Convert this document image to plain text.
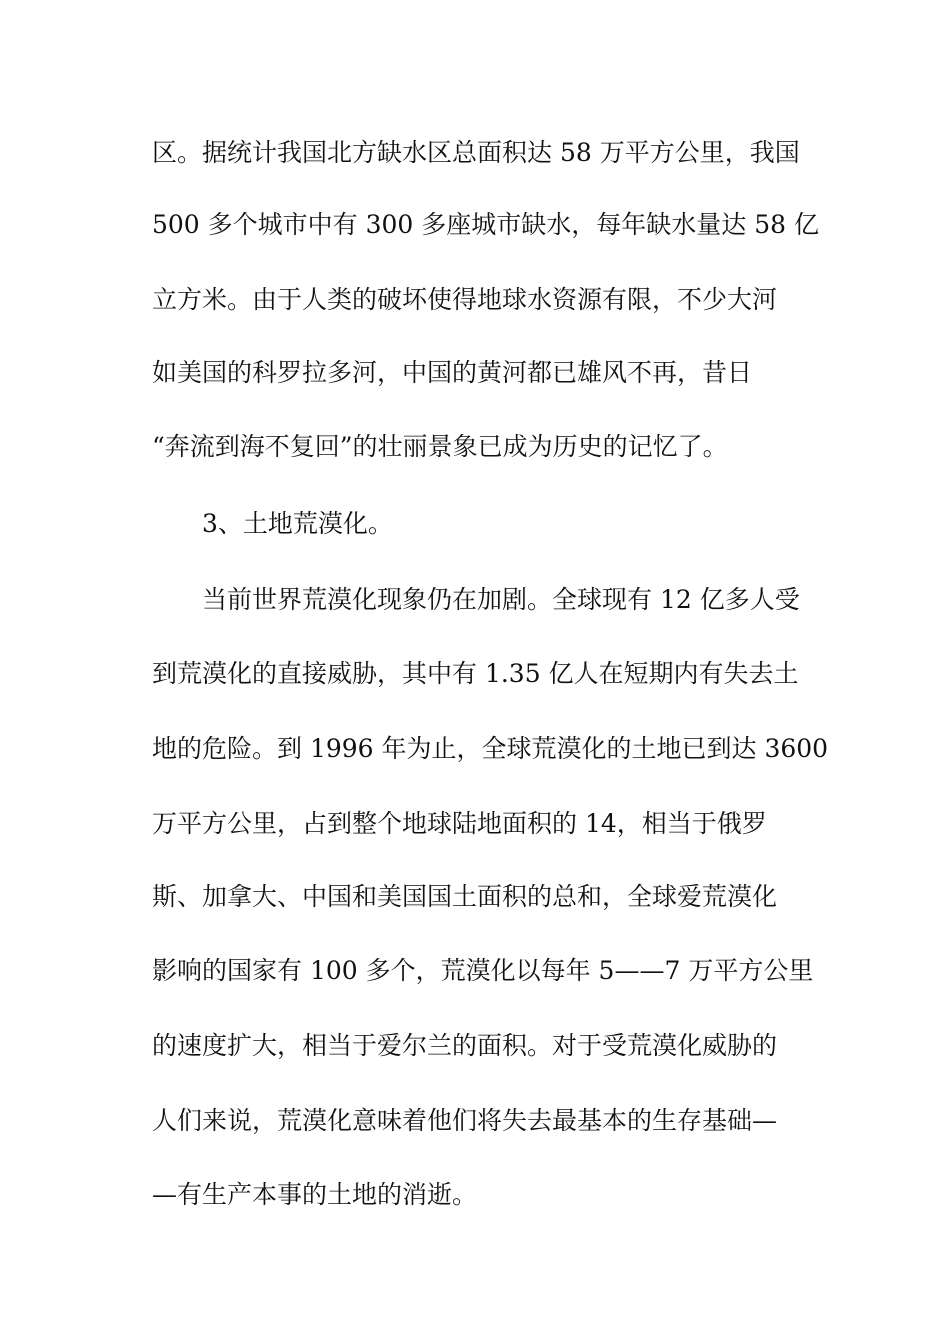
区。据统计我国北方缺水区总面积达 58 万平方公里，我国
500 多个城市中有 300 多座城市缺水，每年缺水量达 58 亿
立方米。由于人类的破坏使得地球水资源有限，不少大河
如美国的科罗拉多河，中国的黄河都已雄风不再，昔日
“奔流到海不复回”的壮丽景象已成为历史的记忆了。
3、土地荒漠化。
当前世界荒漠化现象仍在加剧。全球现有 12 亿多人受
到荒漠化的直接威胁，其中有 1.35 亿人在短期内有失去土
地的危险。到 1996 年为止，全球荒漠化的土地已到达 3600
万平方公里，占到整个地球陆地面积的 14，相当于俄罗
斯、加拿大、中国和美国国土面积的总和，全球爱荒漠化
影响的国家有 100 多个，荒漠化以每年 5——7 万平方公里
的速度扩大，相当于爱尔兰的面积。对于受荒漠化威胁的
人们来说，荒漠化意味着他们将失去最基本的生存基础—
—有生产本事的土地的消逝。
